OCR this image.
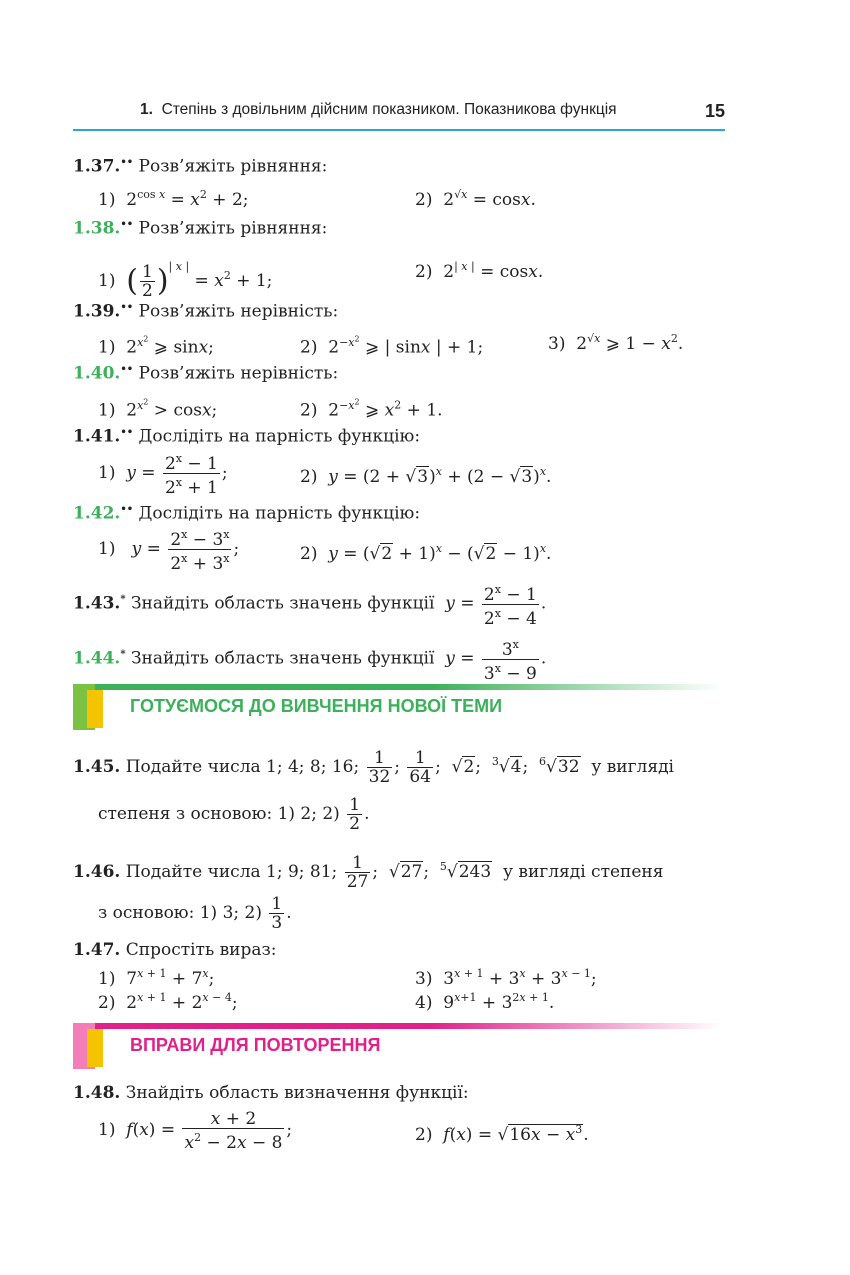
1. Степінь з довільним дійсним показником. Показникова функція	15
1.37.•• Розв’яжіть рівняння:
1)  $2^{cos x} = x^2 + 2$;	2)  $2^{√x} = \cos x$.
1.38.•• Розв’яжіть рівняння:
1)  ( $\frac{1}{2} )^{| x |} = x^2 + 1$;	2)  $2^{| x |} = \cos x$.
1.39.•• Розв’яжіть нерівність:
1)  $2^{x^2}$ ⩾ sinx;	2)  $2^{-x^2}$ ⩾ | sinx | + 1;	3)  $2^{√x}$ ⩾ $1 - x^2$.
1.40.•• Розв’яжіть нерівність:
1)  $2^{x^2} > \cos x$;	2)  $2^{-x^2}$ ⩾ $x^2 + 1$.
1.41.•• Дослідіть на парність функцію:
1)  $y = \frac{2^x - 1}{2^x + 1}$ ;	2)  $y = (2 + √3)^x + (2 - √3)^x$.
1.42.•• Дослідіть на парність функцію:
1)   $y = \frac{2^x - 3^x}{2^x + 3^x}$ ;	2)  $y = (√2 + 1)^x - (√2 - 1)^x$.
1.43.* Знайдіть область значень функції $y = \frac{2^x - 1}{2^x - 4}$ .
1.44.* Знайдіть область значень функції $y = \frac{3^x}{3^x - 9}$ .
ГОТУЄМОСЯ ДО ВИВЧЕННЯ НОВОЇ ТЕМИ
1.45. Подайте числа 1; 4; 8; 16; $\frac{1}{32}$ ; $\frac{1}{64}$ ;  √2;  $^3$√4;  $^6$√32 у вигляді
степеня з основою: 1) 2; $2) \frac{1}{2}$ .
1.46. Подайте числа 1; 9; 81; $\frac{1}{27}$ ;  √27;  $^5$√243 у вигляді степеня
з основою: 1) 3; $2) \frac{1}{3}$ .
1.47. Спростіть вираз:
1)  $7^{x + 1} + 7^x$;	3)  $3^{x + 1} + 3^x + 3^{x - 1}$;
2)  $2^{x + 1} + 2^{x - 4}$;	4)  $9^{x+1} + 3^{2x + 1}$.
ВПРАВИ ДЛЯ ПОВТОРЕННЯ
1.48. Знайдіть область визначення функції:
1)  $f(x) = \frac{x + 2}{x^2 - 2x - 8}$ ;	2)  $f(x) = √16x - x^3$.
